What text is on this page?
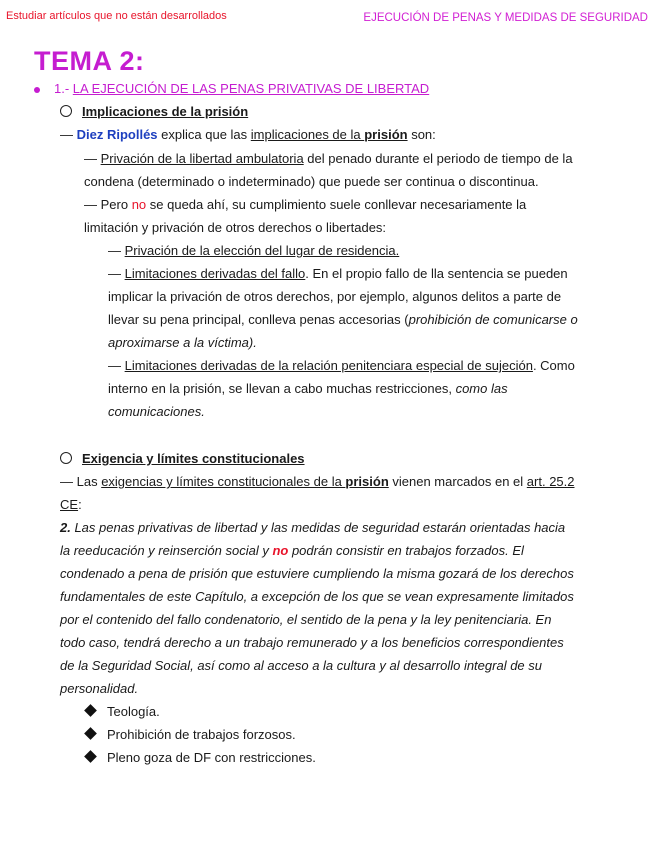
Estudiar artículos que no están desarrollados	EJECUCIÓN DE PENAS Y MEDIDAS DE SEGURIDAD
TEMA 2:
1.- LA EJECUCIÓN DE LAS PENAS PRIVATIVAS DE LIBERTAD
Implicaciones de la prisión
— Diez Ripollés explica que las implicaciones de la prisión son:
— Privación de la libertad ambulatoria del penado durante el periodo de tiempo de la
condena (determinado o indeterminado) que puede ser continua o discontinua.
— Pero no se queda ahí, su cumplimiento suele conllevar necesariamente la
limitación y privación de otros derechos o libertades:
— Privación de la elección del lugar de residencia.
— Limitaciones derivadas del fallo. En el propio fallo de lla sentencia se pueden
implicar la privación de otros derechos, por ejemplo, algunos delitos a parte de
llevar su pena principal, conlleva penas accesorias (prohibición de comunicarse o
aproximarse a la víctima).
— Limitaciones derivadas de la relación penitenciara especial de sujeción. Como
interno en la prisión, se llevan a cabo muchas restricciones, como las
comunicaciones.
Exigencia y límites constitucionales
— Las exigencias y límites constitucionales de la prisión vienen marcados en el art. 25.2
CE:
2. Las penas privativas de libertad y las medidas de seguridad estarán orientadas hacia
la reeducación y reinserción social y no podrán consistir en trabajos forzados. El
condenado a pena de prisión que estuviere cumpliendo la misma gozará de los derechos
fundamentales de este Capítulo, a excepción de los que se vean expresamente limitados
por el contenido del fallo condenatorio, el sentido de la pena y la ley penitenciaria. En
todo caso, tendrá derecho a un trabajo remunerado y a los beneficios correspondientes
de la Seguridad Social, así como al acceso a la cultura y al desarrollo integral de su
personalidad.
Teología.
Prohibición de trabajos forzosos.
Pleno goza de DF con restricciones.
